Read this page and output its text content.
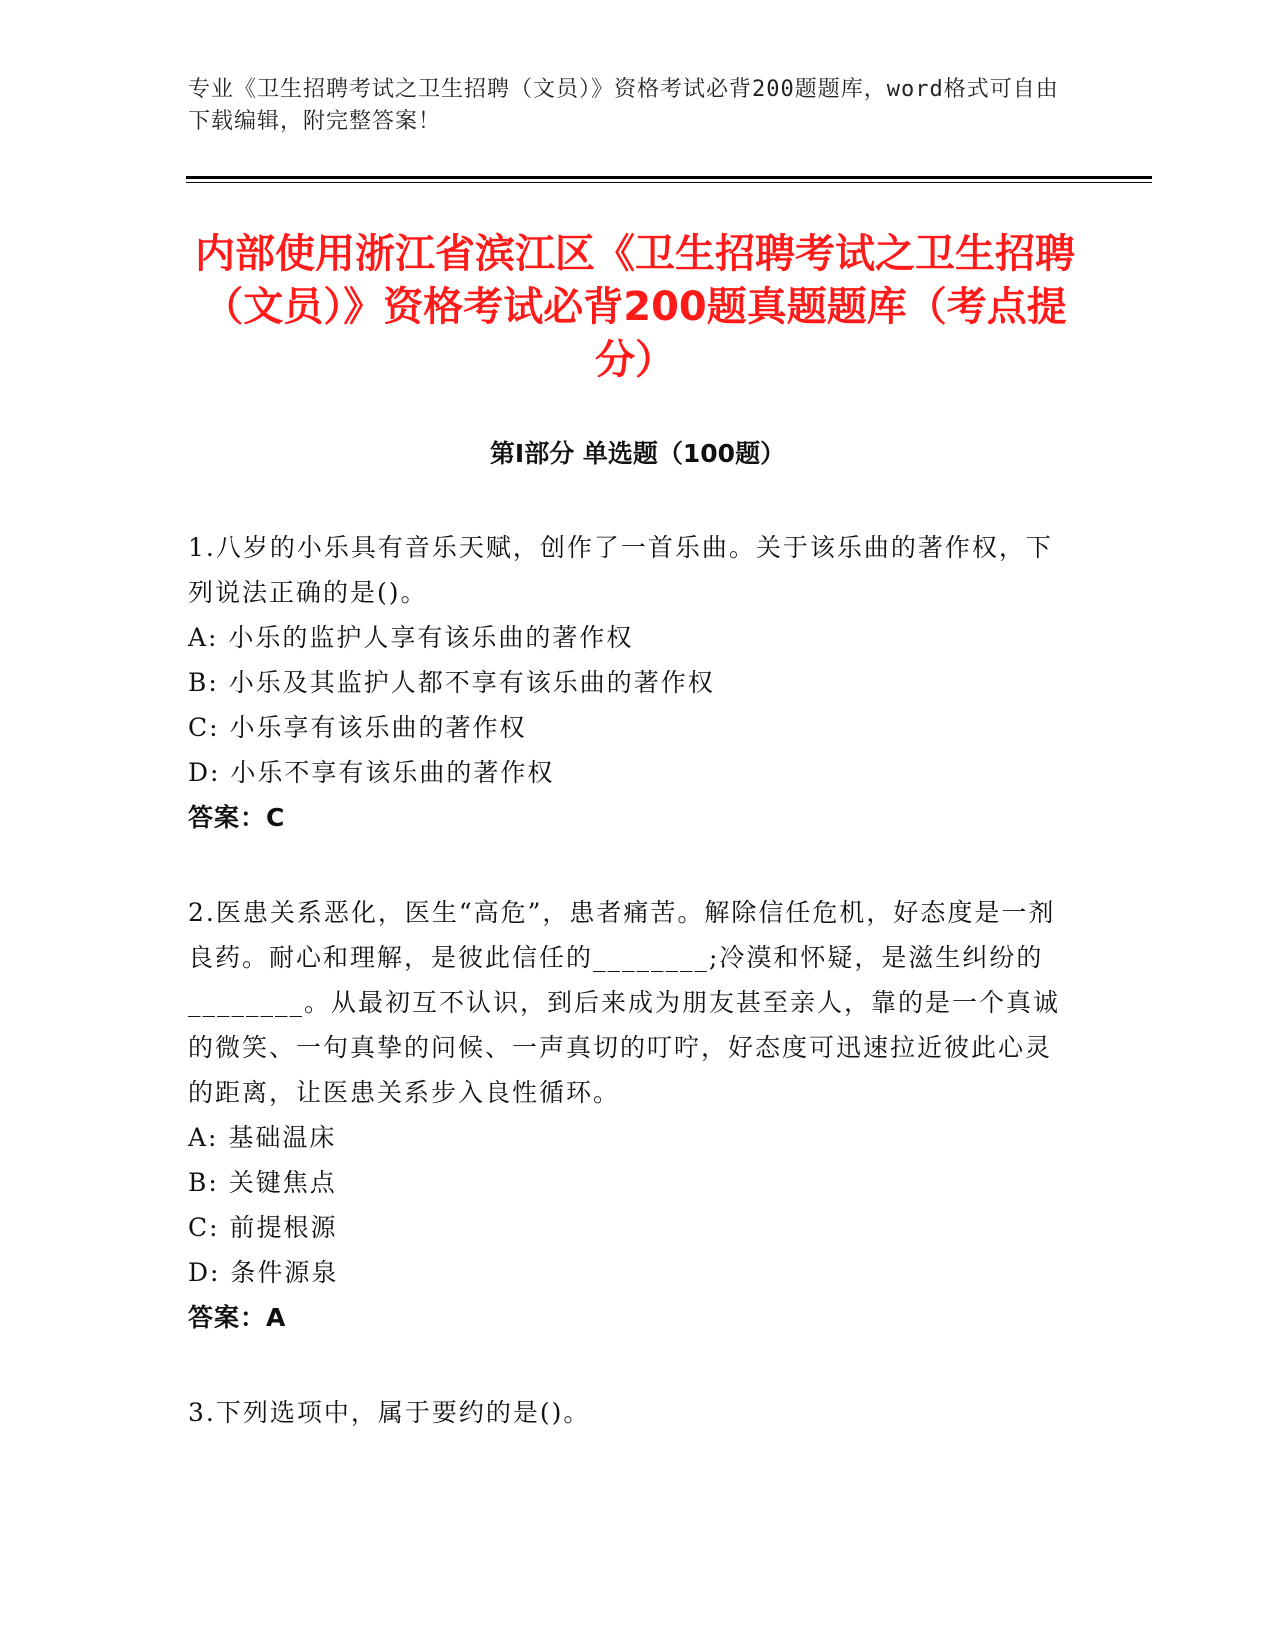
专业《卫生招聘考试之卫生招聘（文员）》资格考试必背200题题库，word格式可自由下载编辑，附完整答案！
内部使用浙江省滨江区《卫生招聘考试之卫生招聘（文员）》资格考试必背200题真题题库（考点提分）
第Ⅰ部分 单选题（100题）

1.八岁的小乐具有音乐天赋，创作了一首乐曲。关于该乐曲的著作权，下列说法正确的是()。

A: 小乐的监护人享有该乐曲的著作权

B: 小乐及其监护人都不享有该乐曲的著作权

C: 小乐享有该乐曲的著作权

D: 小乐不享有该乐曲的著作权

答案：C

2.医患关系恶化，医生“高危”，患者痛苦。解除信任危机，好态度是一剂良药。耐心和理解，是彼此信任的________;冷漠和怀疑，是滋生纠纷的________。从最初互不认识，到后来成为朋友甚至亲人，靠的是一个真诚的微笑、一句真挚的问候、一声真切的叮咛，好态度可迅速拉近彼此心灵的距离，让医患关系步入良性循环。

A: 基础温床

B: 关键焦点

C: 前提根源

D: 条件源泉

答案：A

3.下列选项中，属于要约的是()。
